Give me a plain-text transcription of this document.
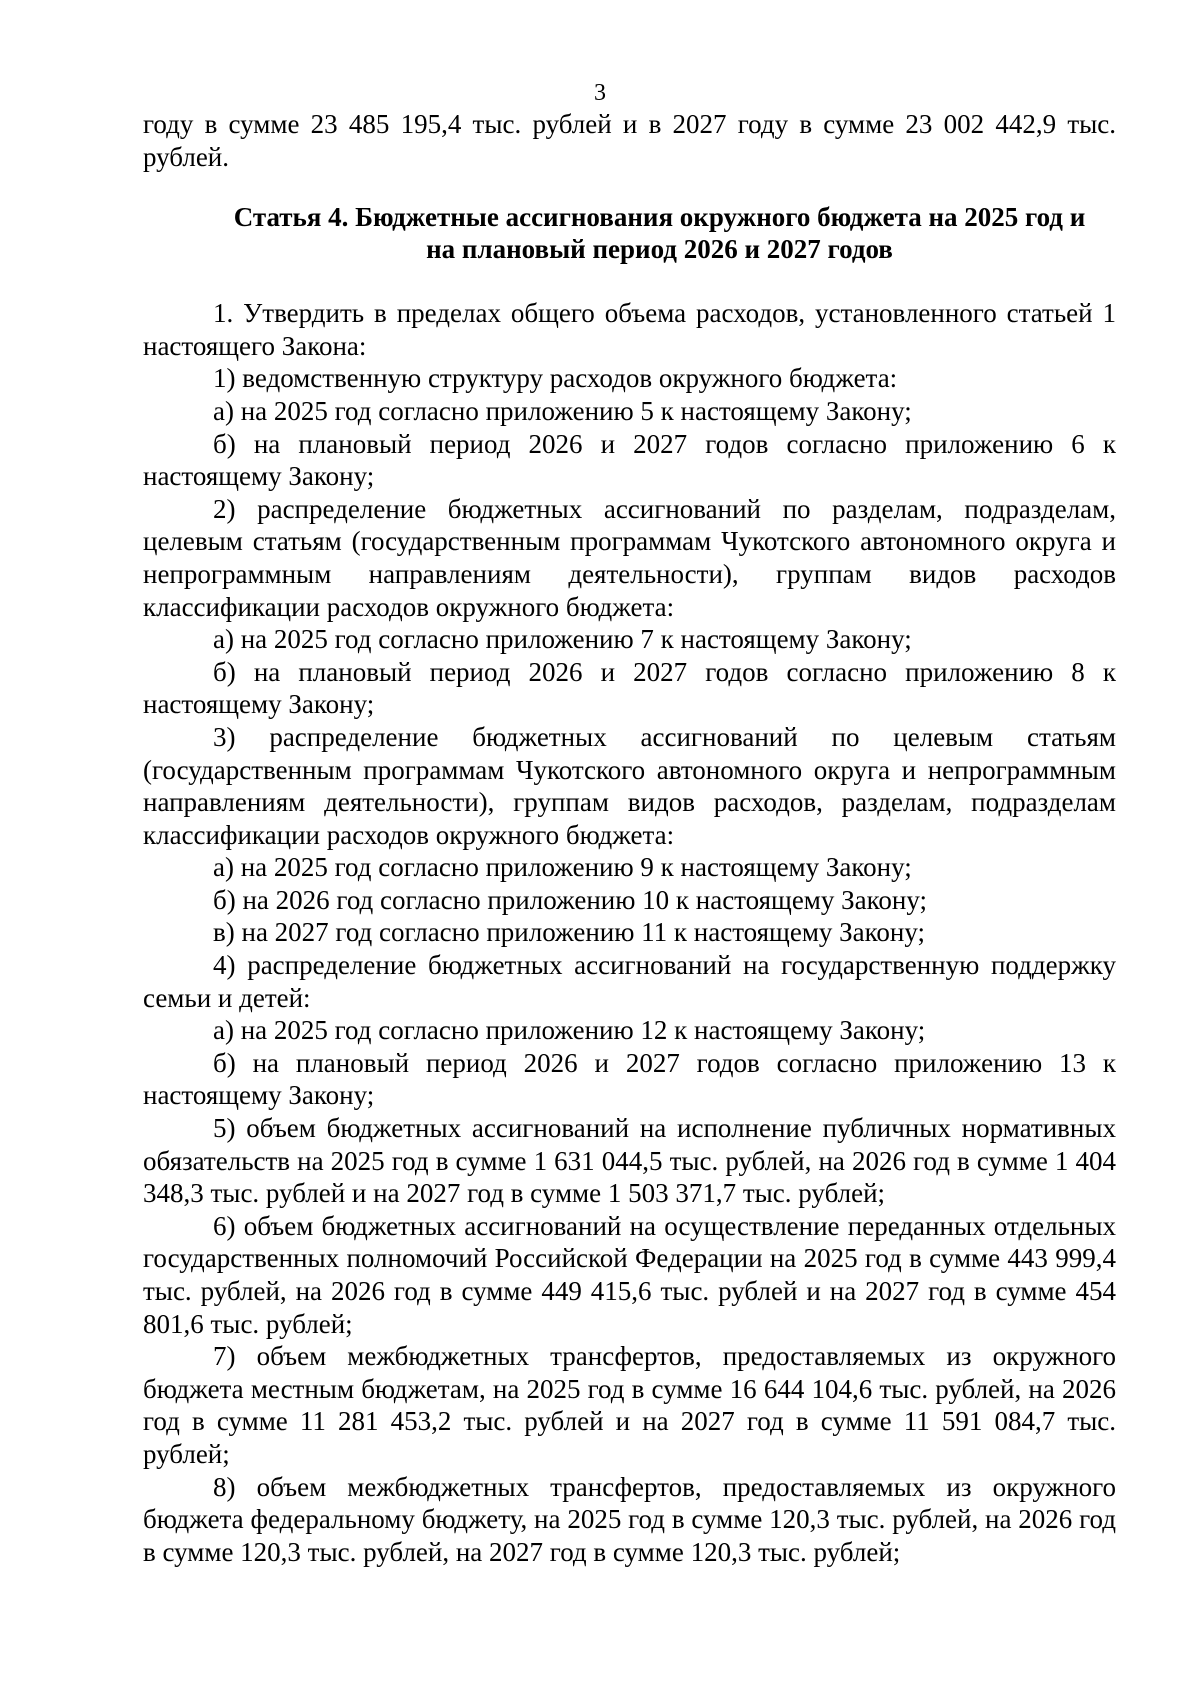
3

году в сумме 23 485 195,4 тыс. рублей и в 2027 году в сумме 23 002 442,9 тыс. рублей.

Статья 4. Бюджетные ассигнования окружного бюджета на 2025 год и

на плановый период 2026 и 2027 годов

1. Утвердить в пределах общего объема расходов, установленного статьей 1 настоящего Закона:

1) ведомственную структуру расходов окружного бюджета:

а) на 2025 год согласно приложению 5 к настоящему Закону;

б) на плановый период 2026 и 2027 годов согласно приложению 6 к настоящему Закону;

2) распределение бюджетных ассигнований по разделам, подразделам, целевым статьям (государственным программам Чукотского автономного округа и непрограммным направлениям деятельности), группам видов расходов классификации расходов окружного бюджета:

а) на 2025 год согласно приложению 7 к настоящему Закону;

б) на плановый период 2026 и 2027 годов согласно приложению 8 к настоящему Закону;

3) распределение бюджетных ассигнований по целевым статьям (государственным программам Чукотского автономного округа и непрограммным направлениям деятельности), группам видов расходов, разделам, подразделам классификации расходов окружного бюджета:

а) на 2025 год согласно приложению 9 к настоящему Закону;

б) на 2026 год согласно приложению 10 к настоящему Закону;

в) на 2027 год согласно приложению 11 к настоящему Закону;

4) распределение бюджетных ассигнований на государственную поддержку семьи и детей:

а) на 2025 год согласно приложению 12 к настоящему Закону;

б) на плановый период 2026 и 2027 годов согласно приложению 13 к настоящему Закону;

5) объем бюджетных ассигнований на исполнение публичных нормативных обязательств на 2025 год в сумме 1 631 044,5 тыс. рублей, на 2026 год в сумме 1 404 348,3 тыс. рублей и на 2027 год в сумме 1 503 371,7 тыс. рублей;

6) объем бюджетных ассигнований на осуществление переданных отдельных государственных полномочий Российской Федерации на 2025 год в сумме 443 999,4 тыс. рублей, на 2026 год в сумме 449 415,6 тыс. рублей и на 2027 год в сумме 454 801,6 тыс. рублей;

7) объем межбюджетных трансфертов, предоставляемых из окружного бюджета местным бюджетам, на 2025 год в сумме 16 644 104,6 тыс. рублей, на 2026 год в сумме 11 281 453,2 тыс. рублей и на 2027 год в сумме 11 591 084,7 тыс. рублей;

8) объем межбюджетных трансфертов, предоставляемых из окружного бюджета федеральному бюджету, на 2025 год в сумме 120,3 тыс. рублей, на 2026 год в сумме 120,3 тыс. рублей, на 2027 год в сумме 120,3 тыс. рублей;
